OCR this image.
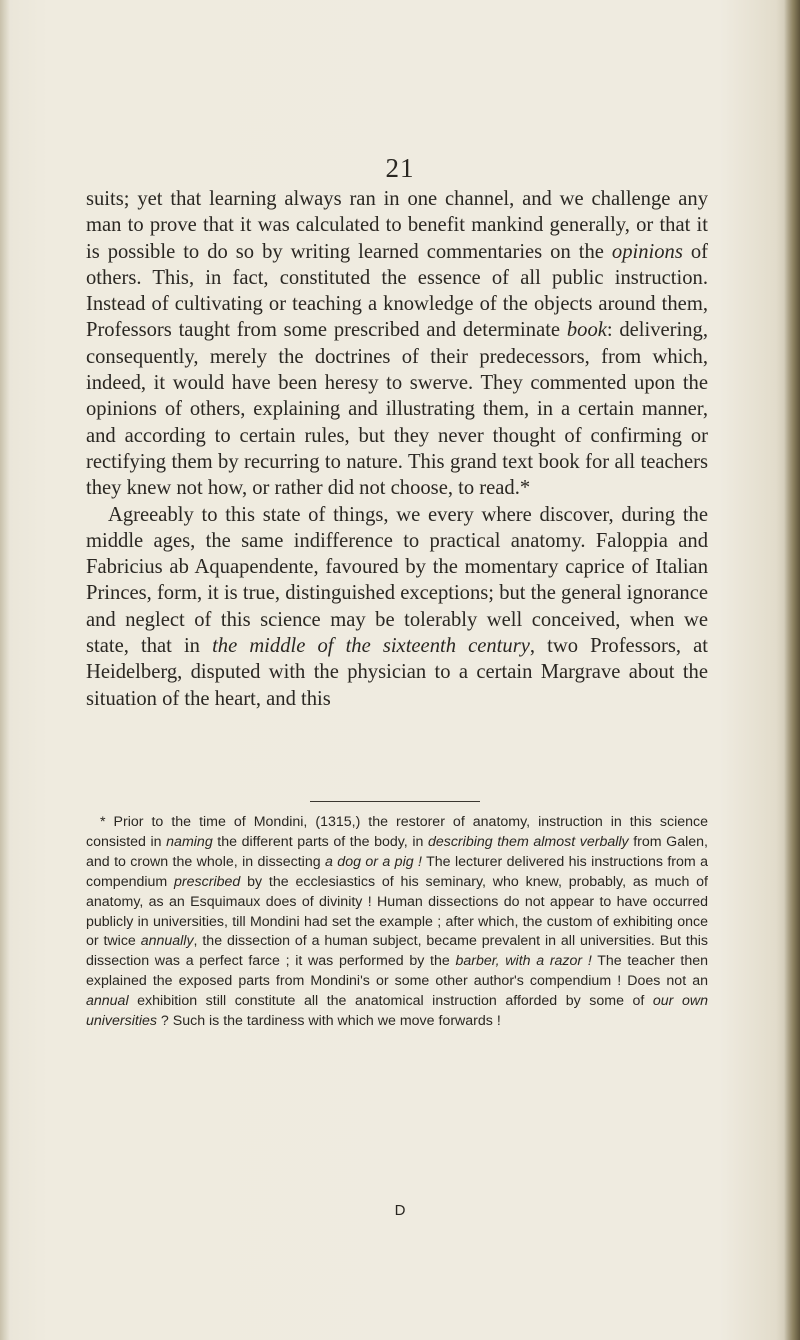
21

suits; yet that learning always ran in one channel, and we challenge any man to prove that it was calculated to benefit mankind generally, or that it is possible to do so by writing learned commentaries on the opinions of others. This, in fact, constituted the essence of all public instruction. Instead of cultivating or teaching a knowledge of the objects around them, Professors taught from some prescribed and determinate book: delivering, consequently, merely the doctrines of their predecessors, from which, indeed, it would have been heresy to swerve. They commented upon the opinions of others, explaining and illustrating them, in a certain manner, and according to certain rules, but they never thought of confirming or rectifying them by recurring to nature. This grand text book for all teachers they knew not how, or rather did not choose, to read.*

Agreeably to this state of things, we every where discover, during the middle ages, the same indifference to practical anatomy. Faloppia and Fabricius ab Aquapendente, favoured by the momentary caprice of Italian Princes, form, it is true, distinguished exceptions; but the general ignorance and neglect of this science may be tolerably well conceived, when we state, that in the middle of the sixteenth century, two Professors, at Heidelberg, disputed with the physician to a certain Margrave about the situation of the heart, and this

* Prior to the time of Mondini, (1315,) the restorer of anatomy, instruction in this science consisted in naming the different parts of the body, in describing them almost verbally from Galen, and to crown the whole, in dissecting a dog or a pig ! The lecturer delivered his instructions from a compendium prescribed by the ecclesiastics of his seminary, who knew, probably, as much of anatomy, as an Esquimaux does of divinity ! Human dissections do not appear to have occurred publicly in universities, till Mondini had set the example ; after which, the custom of exhibiting once or twice annually, the dissection of a human subject, became prevalent in all universities. But this dissection was a perfect farce ; it was performed by the barber, with a razor ! The teacher then explained the exposed parts from Mondini's or some other author's compendium ! Does not an annual exhibition still constitute all the anatomical instruction afforded by some of our own universities ? Such is the tardiness with which we move forwards !

D
